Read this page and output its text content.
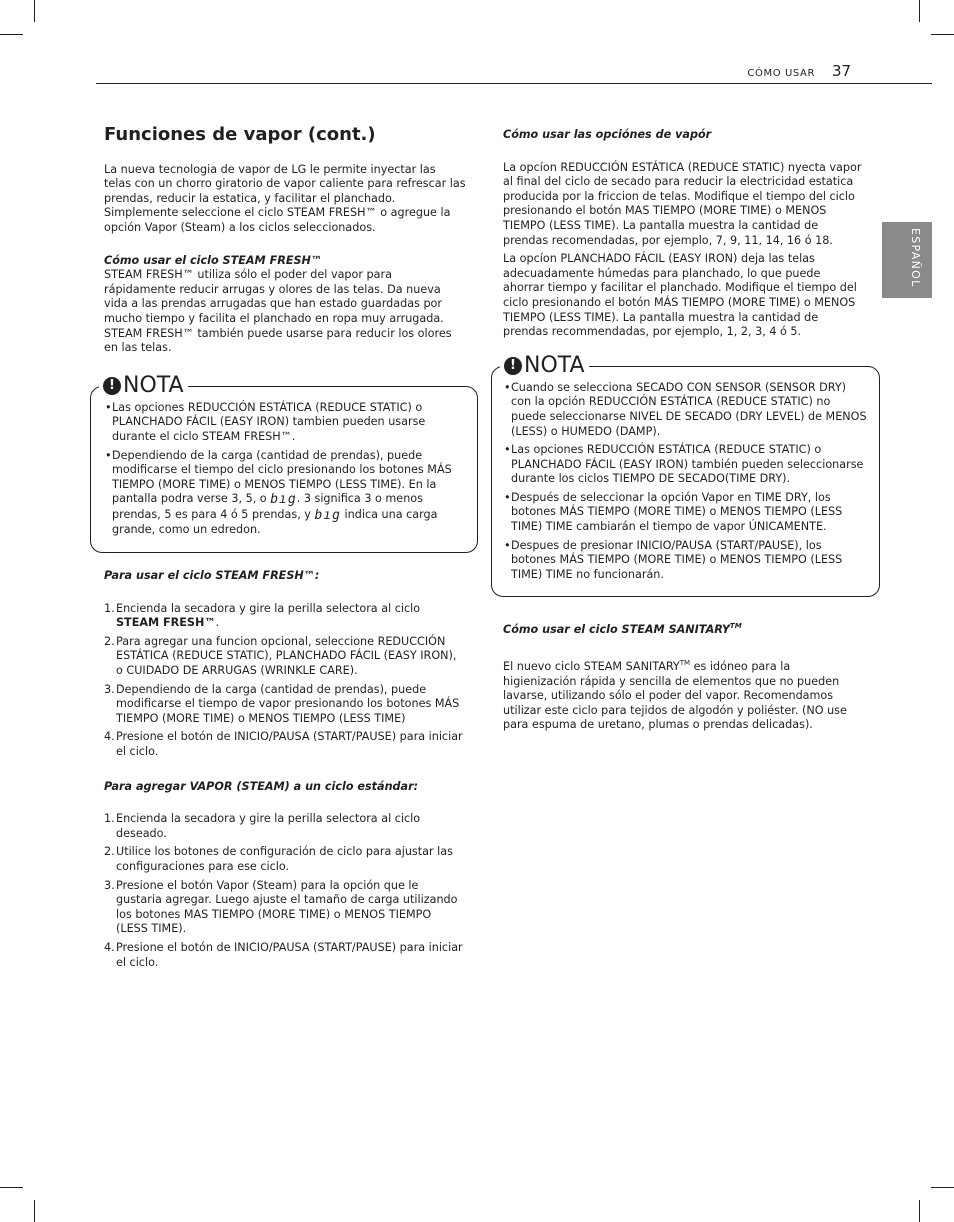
CÓMO USAR 37
ESPAÑOL
Funciones de vapor (cont.)

La nueva tecnologia de vapor de LG le permite inyectar las telas con un chorro giratorio de vapor caliente para refrescar las prendas, reducir la estatica, y facilitar el planchado. Simplemente seleccione el ciclo STEAM FRESH™ o agregue la opción Vapor (Steam) a los ciclos seleccionados.

Cómo usar el ciclo STEAM FRESH™

STEAM FRESH™ utiliza sólo el poder del vapor para rápidamente reducir arrugas y olores de las telas. Da nueva vida a las prendas arrugadas que han estado guardadas por mucho tiempo y facilita el planchado en ropa muy arrugada. STEAM FRESH™ también puede usarse para reducir los olores en las telas.

! NOTA
• Las opciones REDUCCIÓN ESTÁTICA (REDUCE STATIC) o PLANCHADO FÁCIL (EASY IRON) tambien pueden usarse durante el ciclo STEAM FRESH™.
• Dependiendo de la carga (cantidad de prendas), puede modificarse el tiempo del ciclo presionando los botones MÁS TIEMPO (MORE TIME) o MENOS TIEMPO (LESS TIME). En la pantalla podra verse 3, 5, o bıg. 3 significa 3 o menos prendas, 5 es para 4 ó 5 prendas, y bıg indica una carga grande, como un edredon.

Para usar el ciclo STEAM FRESH™:

1. Encienda la secadora y gire la perilla selectora al ciclo STEAM FRESH™.
2. Para agregar una funcion opcional, seleccione REDUCCIÓN ESTÁTICA (REDUCE STATIC), PLANCHADO FÁCIL (EASY IRON), o CUIDADO DE ARRUGAS (WRINKLE CARE).
3. Dependiendo de la carga (cantidad de prendas), puede modificarse el tiempo de vapor presionando los botones MÁS TIEMPO (MORE TIME) o MENOS TIEMPO (LESS TIME)
4. Presione el botón de INICIO/PAUSA (START/PAUSE) para iniciar el ciclo.

Para agregar VAPOR (STEAM) a un ciclo estándar:

1. Encienda la secadora y gire la perilla selectora al ciclo deseado.
2. Utilice los botones de configuración de ciclo para ajustar las configuraciones para ese ciclo.
3. Presione el botón Vapor (Steam) para la opción que le gustaria agregar. Luego ajuste el tamaño de carga utilizando los botones MAS TIEMPO (MORE TIME) o MENOS TIEMPO (LESS TIME).
4. Presione el botón de INICIO/PAUSA (START/PAUSE) para iniciar el ciclo.

Cómo usar las opciónes de vapór

La opcíon REDUCCIÓN ESTÁTICA (REDUCE STATIC) nyecta vapor al final del ciclo de secado para reducir la electricidad estatica producida por la friccion de telas. Modifique el tiempo del ciclo presionando el botón MAS TIEMPO (MORE TIME) o MENOS TIEMPO (LESS TIME). La pantalla muestra la cantidad de prendas recomendadas, por ejemplo, 7, 9, 11, 14, 16 ó 18.

La opcíon PLANCHADO FÁCIL (EASY IRON) deja las telas adecuadamente húmedas para planchado, lo que puede ahorrar tiempo y facilitar el planchado. Modifique el tiempo del ciclo presionando el botón MÁS TIEMPO (MORE TIME) o MENOS TIEMPO (LESS TIME). La pantalla muestra la cantidad de prendas recommendadas, por ejemplo, 1, 2, 3, 4 ó 5.

! NOTA
• Cuando se selecciona SECADO CON SENSOR (SENSOR DRY) con la opción REDUCCIÓN ESTÁTICA (REDUCE STATIC) no puede seleccionarse NIVEL DE SECADO (DRY LEVEL) de MENOS (LESS) o HUMEDO (DAMP).
• Las opciones REDUCCIÓN ESTÁTICA (REDUCE STATIC) o PLANCHADO FÁCIL (EASY IRON) también pueden seleccionarse durante los ciclos TIEMPO DE SECADO(TIME DRY).
• Después de seleccionar la opción Vapor en TIME DRY, los botones MÁS TIEMPO (MORE TIME) o MENOS TIEMPO (LESS TIME) TIME cambiarán el tiempo de vapor ÚNICAMENTE.
• Despues de presionar INICIO/PAUSA (START/PAUSE), los botones MÁS TIEMPO (MORE TIME) o MENOS TIEMPO (LESS TIME) TIME no funcionarán.

Cómo usar el ciclo STEAM SANITARY™

El nuevo ciclo STEAM SANITARY™ es idóneo para la higienización rápida y sencilla de elementos que no pueden lavarse, utilizando sólo el poder del vapor. Recomendamos utilizar este ciclo para tejidos de algodón y poliéster. (NO use para espuma de uretano, plumas o prendas delicadas).
